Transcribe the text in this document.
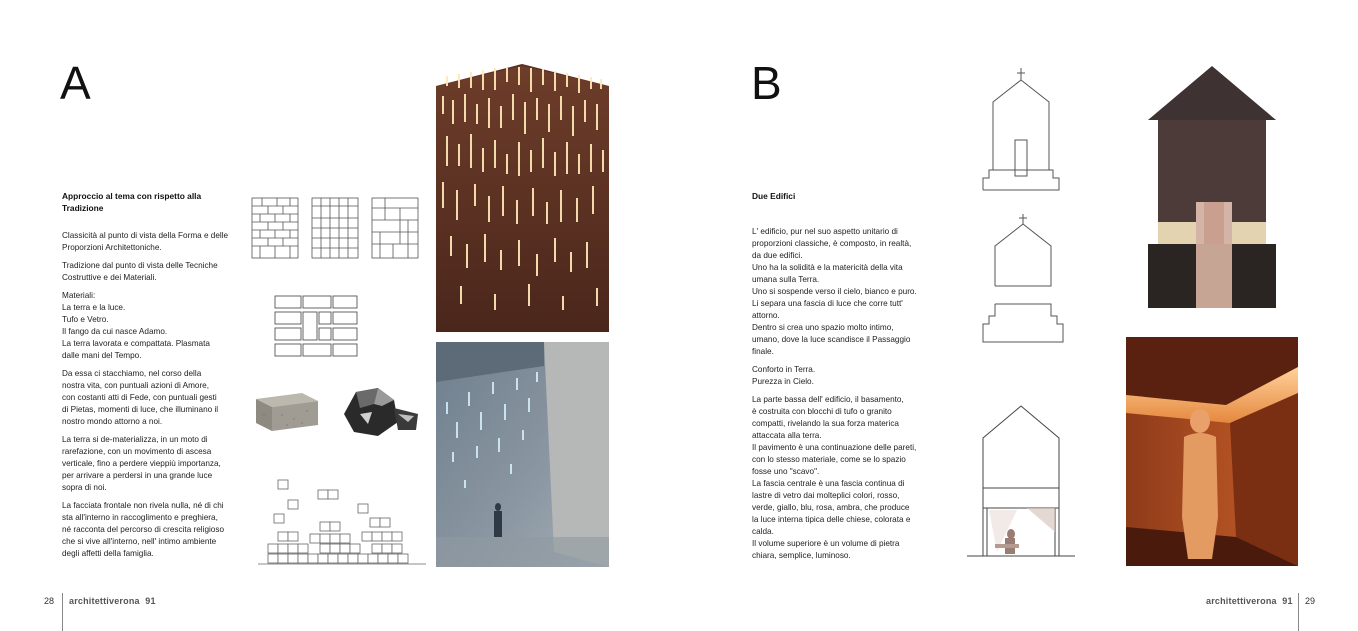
A
Approccio al tema con rispetto alla
Tradizione

Classicità al punto di vista della Forma e delle
Proporzioni Architettoniche.

Tradizione dal punto di vista delle Tecniche
Costruttive e dei Materiali.

Materiali:
La terra e la luce.
Tufo e Vetro.
Il fango da cui nasce Adamo.
La terra lavorata e compattata. Plasmata
dalle mani del Tempo.

Da essa ci stacchiamo, nel corso della
nostra vita, con puntuali azioni di Amore,
con costanti atti di Fede, con puntuali gesti
di Pietas, momenti di luce, che illuminano il
nostro mondo attorno a noi.

La terra si de-materializza, in un moto di
rarefazione, con un movimento di ascesa
verticale, fino a perdere vieppiù importanza,
per arrivare a perdersi in una grande luce
sopra di noi.

La facciata frontale non rivela nulla, né di chi
sta all'interno in raccoglimento e preghiera,
né racconta del percorso di crescita religioso
che si vive all'interno, nell' intimo ambiente
degli affetti della famiglia.

28 architettiverona 91
B
Due Edifici

L' edificio, pur nel suo aspetto unitario di
proporzioni classiche, è composto, in realtà,
da due edifici.
Uno ha la solidità e la matericità della vita
umana sulla Terra.
Uno si sospende verso il cielo, bianco e puro.
Li separa una fascia di luce che corre tutt'
attorno.
Dentro si crea uno spazio molto intimo,
umano, dove la luce scandisce il Passaggio
finale.

Conforto in Terra.
Purezza in Cielo.

La parte bassa dell' edificio, il basamento,
è costruita con blocchi di tufo o granito
compatti, rivelando la sua forza materica
attaccata alla terra.
Il pavimento è una continuazione delle pareti,
con lo stesso materiale, come se lo spazio
fosse uno "scavo".
La fascia centrale è una fascia continua di
lastre di vetro dai molteplici colori, rosso,
verde, giallo, blu, rosa, ambra, che produce
la luce interna tipica delle chiese, colorata e
calda.
Il volume superiore è un volume di pietra
chiara, semplice, luminoso.

architettiverona 91 29
